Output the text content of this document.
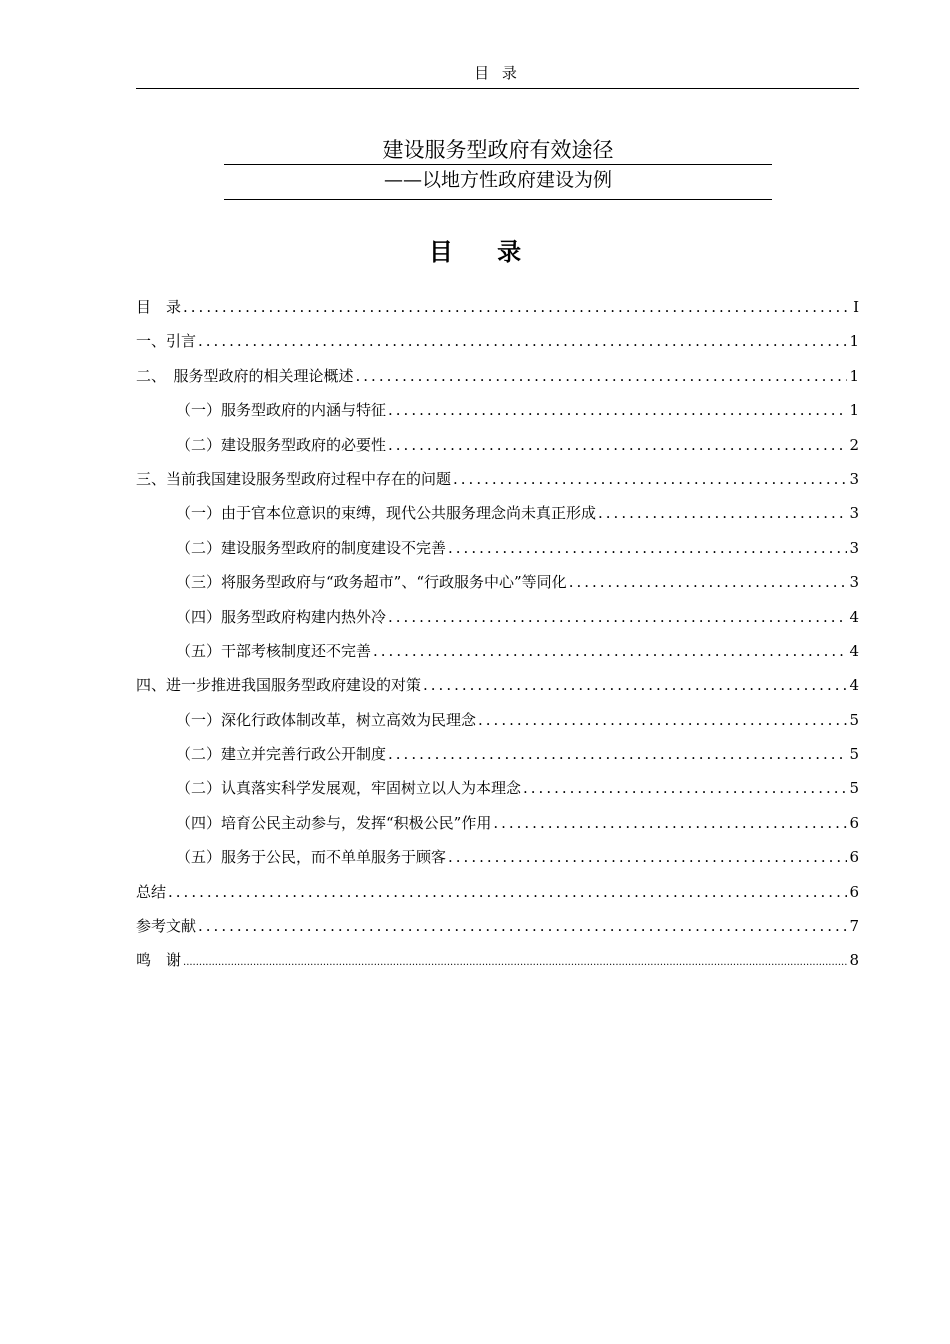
目 录
建设服务型政府有效途径
——以地方性政府建设为例
目 录
目　录 .....	I
一、引言 .....	1
二、　服务型政府的相关理论概述 .....	1
（一）服务型政府的内涵与特征 .....	1
（二）建设服务型政府的必要性 .....	2
三、当前我国建设服务型政府过程中存在的问题 .....	3
（一）由于官本位意识的束缚，现代公共服务理念尚未真正形成 .....	3
（二）建设服务型政府的制度建设不完善 .....	3
（三）将服务型政府与“政务超市”、“行政服务中心”等同化 .....	3
（四）服务型政府构建内热外冷 .....	4
（五）干部考核制度还不完善 .....	4
四、进一步推进我国服务型政府建设的对策 .....	4
（一）深化行政体制改革，树立高效为民理念 .....	5
（二）建立并完善行政公开制度 .....	5
（二）认真落实科学发展观，牢固树立以人为本理念 .....	5
（四）培育公民主动参与，发挥“积极公民”作用 .....	6
（五）服务于公民，而不单单服务于顾客 .....	6
总结 .....	6
参考文献 .....	7
鸣　谢 .....	8
